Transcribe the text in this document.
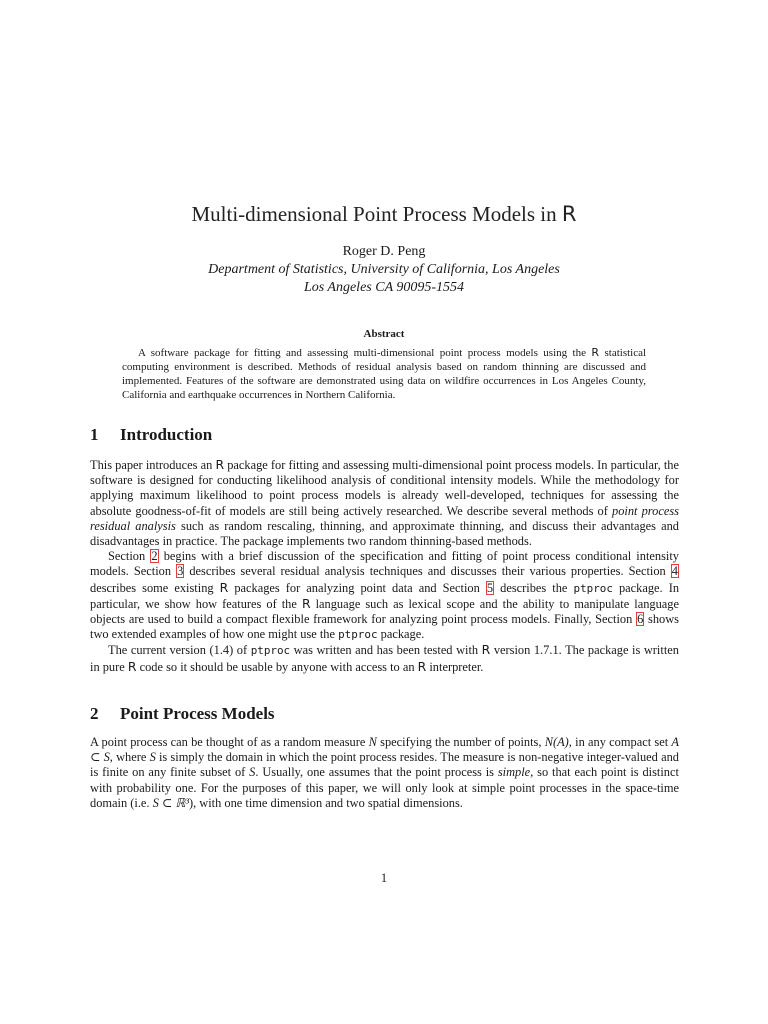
Multi-dimensional Point Process Models in R
Roger D. Peng
Department of Statistics, University of California, Los Angeles
Los Angeles CA 90095-1554
Abstract
A software package for fitting and assessing multi-dimensional point process models using the R statistical computing environment is described. Methods of residual analysis based on random thinning are discussed and implemented. Features of the software are demonstrated using data on wildfire occurrences in Los Angeles County, California and earthquake occurrences in Northern California.
1 Introduction

This paper introduces an R package for fitting and assessing multi-dimensional point process models. In particular, the software is designed for conducting likelihood analysis of conditional intensity models. While the methodology for applying maximum likelihood to point process models is already well-developed, techniques for assessing the absolute goodness-of-fit of models are still being actively researched. We describe several methods of point process residual analysis such as random rescaling, thinning, and approximate thinning, and discuss their advantages and disadvantages in practice. The package implements two random thinning-based methods.

Section 2 begins with a brief discussion of the specification and fitting of point process conditional intensity models. Section 3 describes several residual analysis techniques and discusses their various properties. Section 4 describes some existing R packages for analyzing point data and Section 5 describes the ptproc package. In particular, we show how features of the R language such as lexical scope and the ability to manipulate language objects are used to build a compact flexible framework for analyzing point process models. Finally, Section 6 shows two extended examples of how one might use the ptproc package.

The current version (1.4) of ptproc was written and has been tested with R version 1.7.1. The package is written in pure R code so it should be usable by anyone with access to an R interpreter.

2 Point Process Models

A point process can be thought of as a random measure N specifying the number of points, N(A), in any compact set A ⊂ S, where S is simply the domain in which the point process resides. The measure is non-negative integer-valued and is finite on any finite subset of S. Usually, one assumes that the point process is simple, so that each point is distinct with probability one. For the purposes of this paper, we will only look at simple point processes in the space-time domain (i.e. S ⊂ ℝ³), with one time dimension and two spatial dimensions.

1
